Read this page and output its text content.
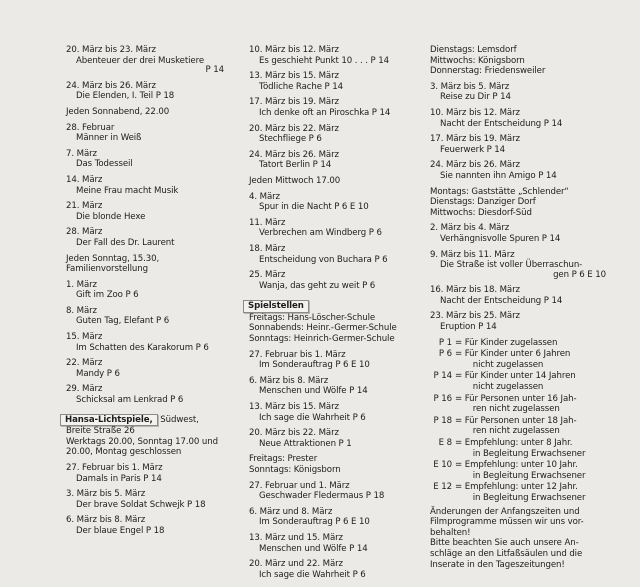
20. März bis 23. März
Abenteuer der drei Musketiere
P 14
24. März bis 26. März
Die Elenden, I. Teil P 18
Jeden Sonnabend, 22.00
28. Februar
Männer in Weiß
7. März
Das Todesseil
14. März
Meine Frau macht Musik
21. März
Die blonde Hexe
28. März
Der Fall des Dr. Laurent
Jeden Sonntag, 15.30,
Familienvorstellung
1. März
Gift im Zoo P 6
8. März
Guten Tag, Elefant P 6
15. März
Im Schatten des Karakorum P 6
22. März
Mandy P 6
29. März
Schicksal am Lenkrad P 6
Hansa-Lichtspiele, Südwest,
Breite Straße 26
Werktags 20.00, Sonntag 17.00 und
20.00, Montag geschlossen
27. Februar bis 1. März
Damals in Paris P 14
3. März bis 5. März
Der brave Soldat Schwejk P 18
6. März bis 8. März
Der blaue Engel P 18
10. März bis 12. März
Es geschieht Punkt 10 . . . P 14
13. März bis 15. März
Tödliche Rache P 14
17. März bis 19. März
Ich denke oft an Piroschka P 14
20. März bis 22. März
Stechfliege P 6
24. März bis 26. März
Tatort Berlin P 14
Jeden Mittwoch 17.00
4. März
Spur in die Nacht P 6 E 10
11. März
Verbrechen am Windberg P 6
18. März
Entscheidung von Buchara P 6
25. März
Wanja, das geht zu weit P 6
Spielstellen
Freitags: Hans-Löscher-Schule
Sonnabends: Heinr.-Germer-Schule
Sonntags: Heinrich-Germer-Schule
27. Februar bis 1. März
Im Sonderauftrag P 6 E 10
6. März bis 8. März
Menschen und Wölfe P 14
13. März bis 15. März
Ich sage die Wahrheit P 6
20. März bis 22. März
Neue Attraktionen P 1
Freitags: Prester
Sonntags: Königsborn
27. Februar und 1. März
Geschwader Fledermaus P 18
6. März und 8. März
Im Sonderauftrag P 6 E 10
13. März und 15. März
Menschen und Wölfe P 14
20. März und 22. März
Ich sage die Wahrheit P 6
Dienstags: Lemsdorf
Mittwochs: Königsborn
Donnerstag: Friedensweiler
3. März bis 5. März
Reise zu Dir P 14
10. März bis 12. März
Nacht der Entscheidung P 14
17. März bis 19. März
Feuerwerk P 14
24. März bis 26. März
Sie nannten ihn Amigo P 14
Montags: Gaststätte „Schlender“
Dienstags: Danziger Dorf
Mittwochs: Diesdorf-Süd
2. März bis 4. März
Verhängnisvolle Spuren P 14
9. März bis 11. März
Die Straße ist voller Überraschun-
gen P 6 E 10
16. März bis 18. März
Nacht der Entscheidung P 14
23. März bis 25. März
Eruption P 14
P 1 = Für Kinder zugelassen
P 6 = Für Kinder unter 6 Jahren
nicht zugelassen
P 14 = Für Kinder unter 14 Jahren
nicht zugelassen
P 16 = Für Personen unter 16 Jah-
ren nicht zugelassen
P 18 = Für Personen unter 18 Jah-
ren nicht zugelassen
E 8 = Empfehlung: unter 8 Jahr.
in Begleitung Erwachsener
E 10 = Empfehlung: unter 10 Jahr.
in Begleitung Erwachsener
E 12 = Empfehlung: unter 12 Jahr.
in Begleitung Erwachsener
Änderungen der Anfangszeiten und
Filmprogramme müssen wir uns vor-
behalten!
Bitte beachten Sie auch unsere An-
schläge an den Litfaßsäulen und die
Inserate in den Tageszeitungen!
